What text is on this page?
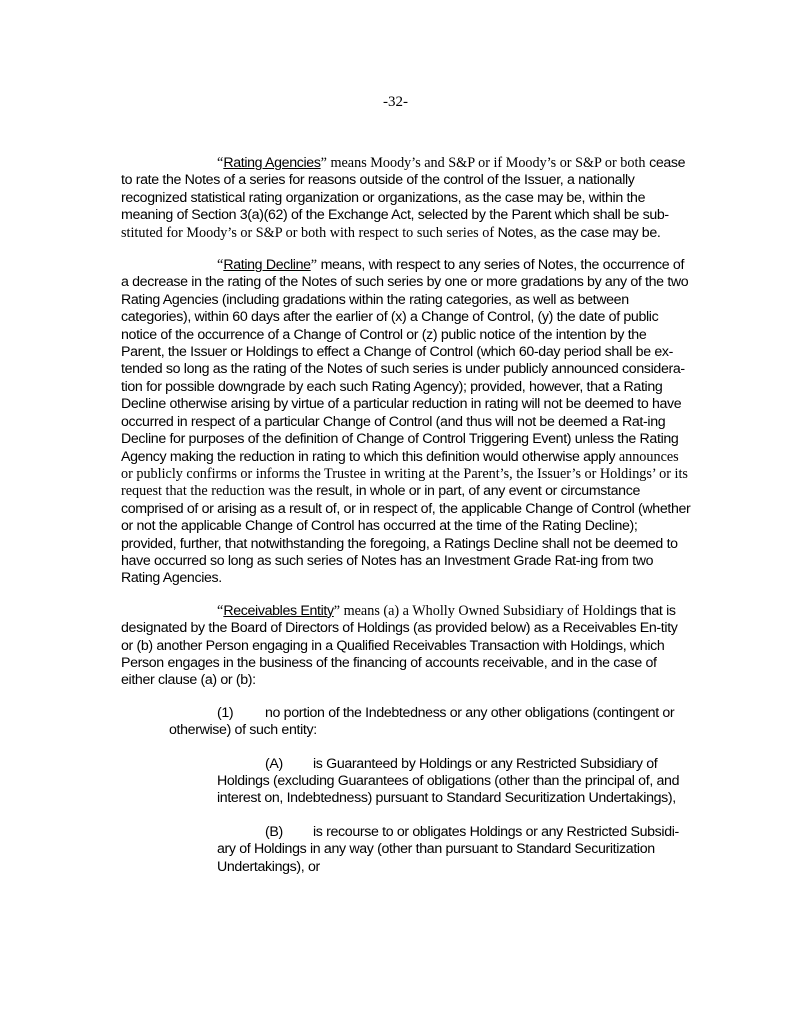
-32-

“Rating Agencies” means Moody’s and S&P or if Moody’s or S&P or both cease to rate the Notes of a series for reasons outside of the control of the Issuer, a nationally recognized statistical rating organization or organizations, as the case may be, within the meaning of Section 3(a)(62) of the Exchange Act, selected by the Parent which shall be sub- stituted for Moody’s or S&P or both with respect to such series of Notes, as the case may be.

“Rating Decline” means, with respect to any series of Notes, the occurrence of a decrease in the rating of the Notes of such series by one or more gradations by any of the two Rating Agencies (including gradations within the rating categories, as well as between categories), within 60 days after the earlier of (x) a Change of Control, (y) the date of public notice of the occurrence of a Change of Control or (z) public notice of the intention by the Parent, the Issuer or Holdings to effect a Change of Control (which 60-day period shall be ex-tended so long as the rating of the Notes of such series is under publicly announced considera-tion for possible downgrade by each such Rating Agency); provided, however, that a Rating Decline otherwise arising by virtue of a particular reduction in rating will not be deemed to have occurred in respect of a particular Change of Control (and thus will not be deemed a Rat-ing Decline for purposes of the definition of Change of Control Triggering Event) unless the Rating Agency making the reduction in rating to which this definition would otherwise apply announces or publicly confirms or informs the Trustee in writing at the Parent’s, the Issuer’s or Holdings’ or its request that the reduction was the result, in whole or in part, of any event or circumstance comprised of or arising as a result of, or in respect of, the applicable Change of Control (whether or not the applicable Change of Control has occurred at the time of the Rating Decline); provided, further, that notwithstanding the foregoing, a Ratings Decline shall not be deemed to have occurred so long as such series of Notes has an Investment Grade Rat-ing from two Rating Agencies.

“Receivables Entity” means (a) a Wholly Owned Subsidiary of Holdings that is designated by the Board of Directors of Holdings (as provided below) as a Receivables En-tity or (b) another Person engaging in a Qualified Receivables Transaction with Holdings, which Person engages in the business of the financing of accounts receivable, and in the case of either clause (a) or (b):

(1) no portion of the Indebtedness or any other obligations (contingent or otherwise) of such entity:

(A) is Guaranteed by Holdings or any Restricted Subsidiary of Holdings (excluding Guarantees of obligations (other than the principal of, and interest on, Indebtedness) pursuant to Standard Securitization Undertakings),

(B) is recourse to or obligates Holdings or any Restricted Subsidi-ary of Holdings in any way (other than pursuant to Standard Securitization Undertakings), or
